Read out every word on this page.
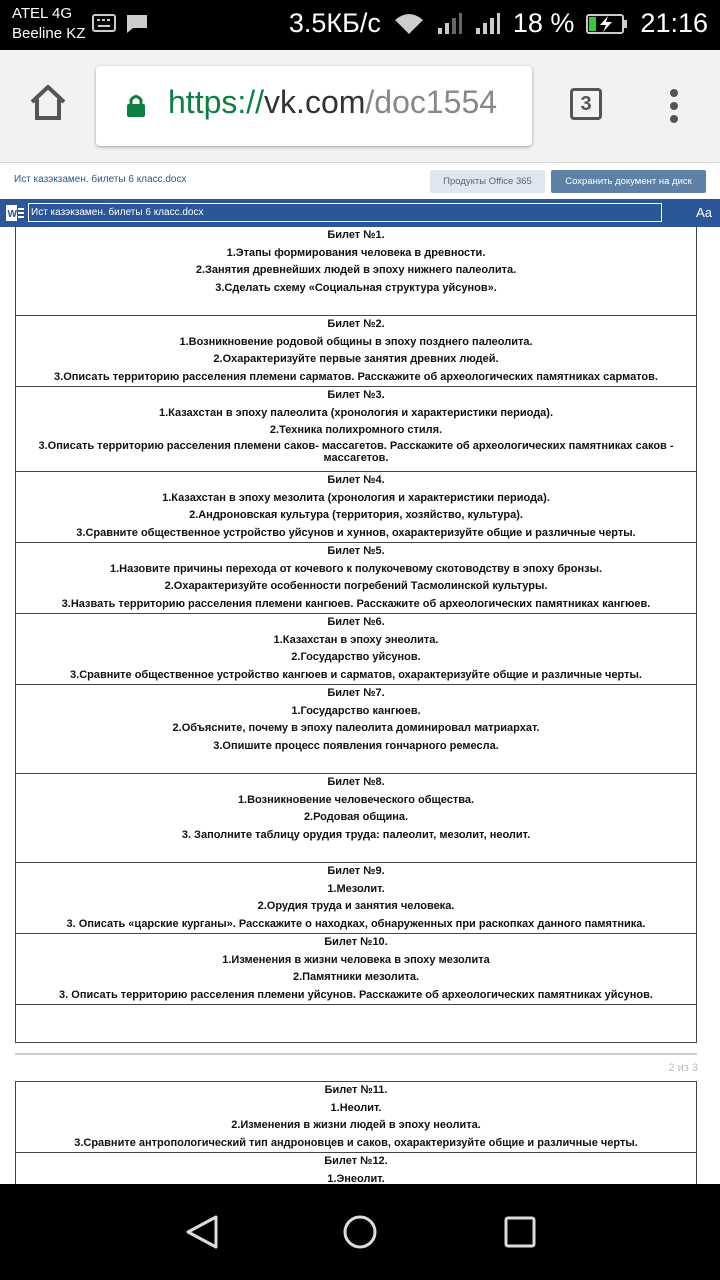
ATEL 4G
Beeline KZ	3.5КБ/с	18 % 21:16
https://vk.com/doc1554	3
Ист казэкзамен. билеты 6 класс.docx	Продукты Office 365	Сохранить документ на диск
W	Ист казэкзамен. билеты 6 класс.docx	Aa
Билет №1.
1.Этапы формирования человека в древности.
2.Занятия древнейших людей в эпоху нижнего палеолита.
3.Сделать схему «Социальная структура уйсунов».
Билет №2.
1.Возникновение родовой общины в эпоху позднего палеолита.
2.Охарактеризуйте первые занятия древних людей.
3.Описать территорию расселения племени сарматов. Расскажите об археологических памятниках сарматов.
Билет №3.
1.Казахстан в эпоху палеолита (хронология и характеристики периода).
2.Техника полихромного стиля.
3.Описать территорию расселения племени саков- массагетов. Расскажите об археологических памятниках саков - массагетов.
Билет №4.
1.Казахстан в эпоху мезолита (хронология и характеристики периода).
2.Андроновская культура (территория, хозяйство, культура).
3.Сравните общественное устройство уйсунов и хуннов, охарактеризуйте общие и различные черты.
Билет №5.
1.Назовите причины перехода от кочевого к полукочевому скотоводству в эпоху бронзы.
2.Охарактеризуйте особенности погребений Тасмолинской культуры.
3.Назвать территорию расселения племени кангюев. Расскажите об археологических памятниках кангюев.
Билет №6.
1.Казахстан в эпоху энеолита.
2.Государство уйсунов.
3.Сравните общественное устройство кангюев и сарматов, охарактеризуйте общие и различные черты.
Билет №7.
1.Государство кангюев.
2.Объясните, почему в эпоху палеолита доминировал матриархат.
3.Опишите процесс появления гончарного ремесла.
Билет №8.
1.Возникновение человеческого общества.
2.Родовая община.
3. Заполните таблицу орудия труда: палеолит, мезолит, неолит.
Билет №9.
1.Мезолит.
2.Орудия труда и занятия человека.
3. Описать «царские курганы». Расскажите о находках, обнаруженных при раскопках данного памятника.
Билет №10.
1.Изменения в жизни человека в эпоху мезолита
2.Памятники мезолита.
3. Описать территорию расселения племени уйсунов. Расскажите об археологических памятниках уйсунов.
2 из 3
Билет №11.
1.Неолит.
2.Изменения в жизни людей в эпоху неолита.
3.Сравните антропологический тип андроновцев и саков, охарактеризуйте общие и различные черты.
Билет №12.
1.Энеолит.
